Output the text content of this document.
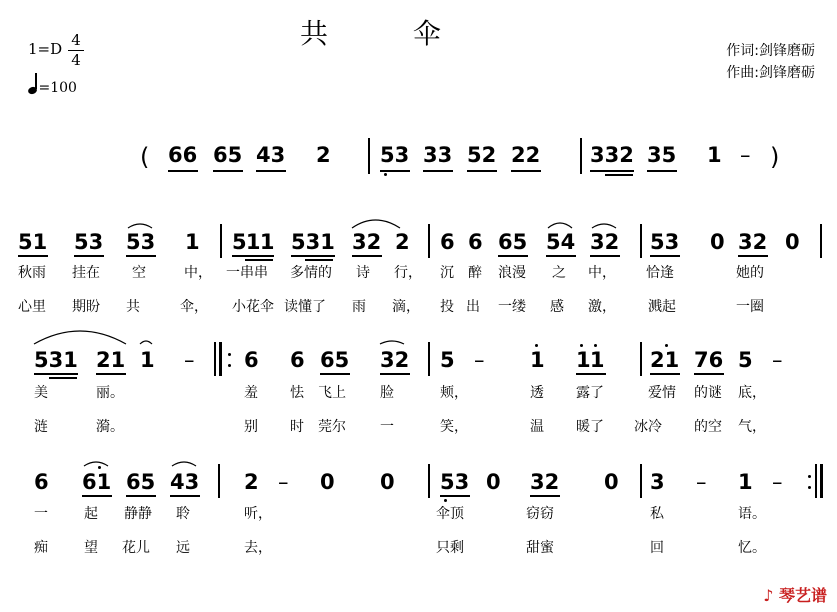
共 伞
1=D 4
4
=100
作词:剑锋磨砺
作曲:剑锋磨砺
( 66 65 43 2 53 33 52 22 332 35 1 – )
51 53 53 1 5 1 1 531 32 2 6 6 65 54 32 53 0 32 0
秋雨 挂在 空	中， 一串串 多情的 诗 行， 沉 醉 浪漫 之 中， 恰逢	她的
心里 期盼 共	伞， 小花伞 读懂了 雨 滴， 投 出 一缕 感 激， 溅起	一圈
531 21 1 – 6 6 65 32 5 – 1 1 1 21 76 5 –
美	丽。	羞 怯 飞上 脸	颊，	透 露了	爱情 的谜 底，
涟	漪。	别 时 莞尔 一	笑，	温 暖了 冰冷 的空 气，
6 61 65 43 2 – 0 0 53 0 32 0 3 – 1 –
一	起 静静 聆	听，	伞顶	窃窃	私	语。
痴	望 花儿 远	去，	只剩	甜蜜	回	忆。
♪ 琴艺谱
